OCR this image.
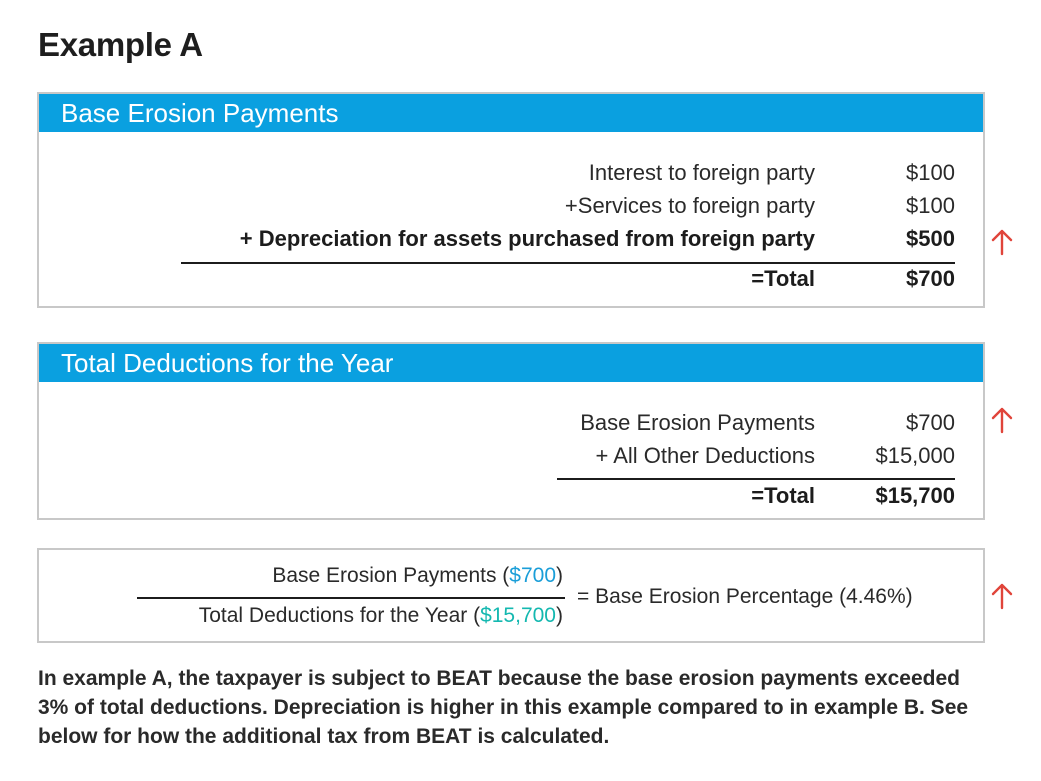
Example A
Base Erosion Payments
Interest to foreign party	$100
+Services to foreign party	$100
+ Depreciation for assets purchased from foreign party	$500
=Total	$700
Total Deductions for the Year
Base Erosion Payments	$700
+ All Other Deductions	$15,000
=Total	$15,700
Base Erosion Payments ($700)
Total Deductions for the Year ($15,700)
= Base Erosion Percentage (4.46%)
In example A, the taxpayer is subject to BEAT because the base erosion payments exceeded 3% of total deductions. Depreciation is higher in this example compared to in example B. See below for how the additional tax from BEAT is calculated.
